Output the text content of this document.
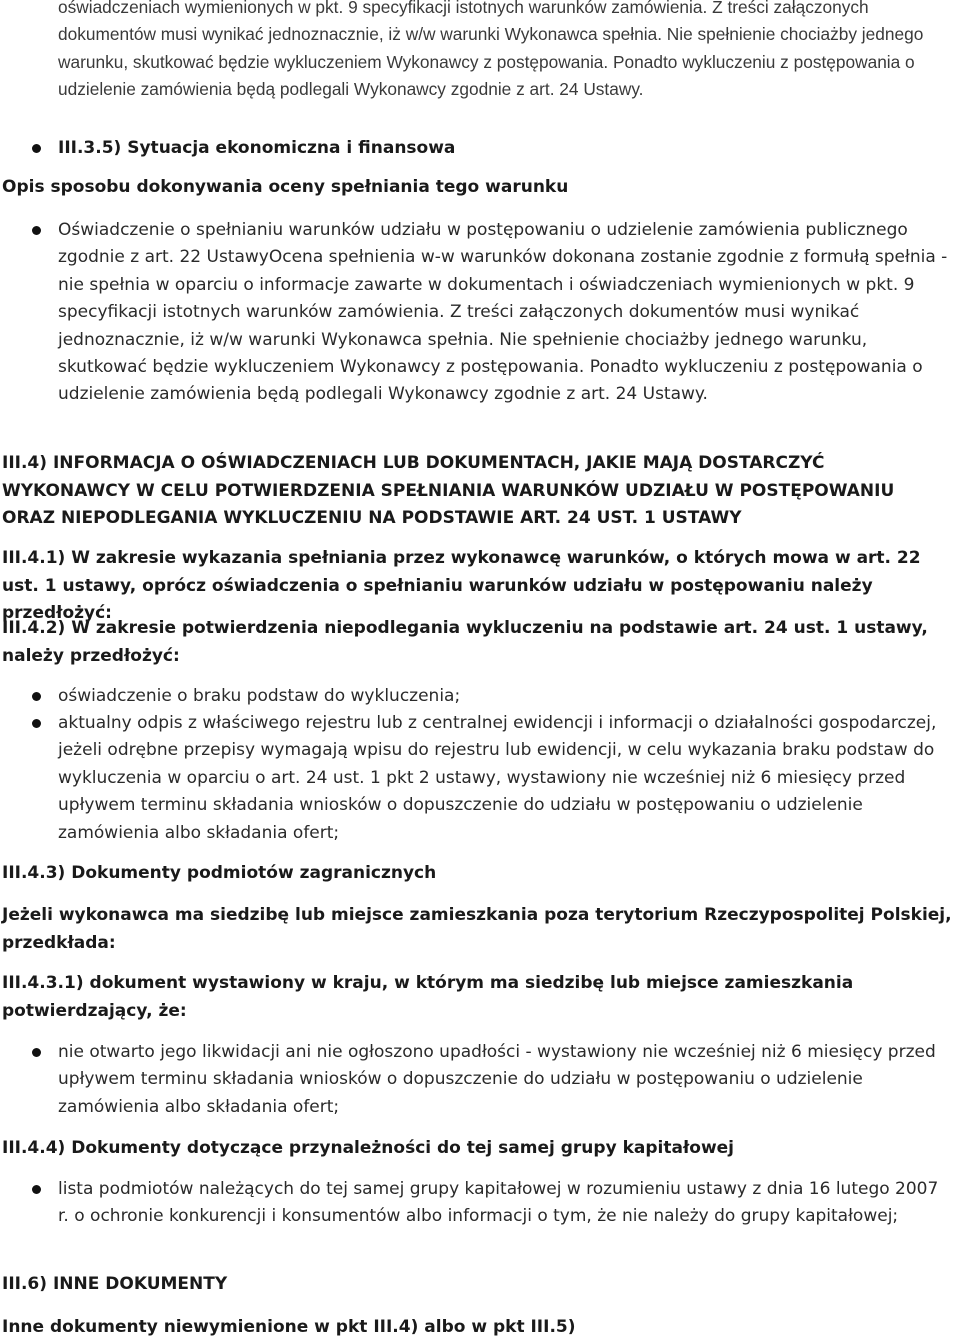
oświadczeniach wymienionych w pkt. 9 specyfikacji istotnych warunków zamówienia. Z treści załączonych dokumentów musi wynikać jednoznacznie, iż w/w warunki Wykonawca spełnia. Nie spełnienie chociażby jednego warunku, skutkować będzie wykluczeniem Wykonawcy z postępowania. Ponadto wykluczeniu z postępowania o udzielenie zamówienia będą podlegali Wykonawcy zgodnie z art. 24 Ustawy.

III.3.5) Sytuacja ekonomiczna i finansowa

Opis sposobu dokonywania oceny spełniania tego warunku

Oświadczenie o spełnianiu warunków udziału w postępowaniu o udzielenie zamówienia publicznego zgodnie z art. 22 UstawyOcena spełnienia w-w warunków dokonana zostanie zgodnie z formułą spełnia - nie spełnia w oparciu o informacje zawarte w dokumentach i oświadczeniach wymienionych w pkt. 9 specyfikacji istotnych warunków zamówienia. Z treści załączonych dokumentów musi wynikać jednoznacznie, iż w/w warunki Wykonawca spełnia. Nie spełnienie chociażby jednego warunku, skutkować będzie wykluczeniem Wykonawcy z postępowania. Ponadto wykluczeniu z postępowania o udzielenie zamówienia będą podlegali Wykonawcy zgodnie z art. 24 Ustawy.

III.4) INFORMACJA O OŚWIADCZENIACH LUB DOKUMENTACH, JAKIE MAJĄ DOSTARCZYĆ WYKONAWCY W CELU POTWIERDZENIA SPEŁNIANIA WARUNKÓW UDZIAŁU W POSTĘPOWANIU ORAZ NIEPODLEGANIA WYKLUCZENIU NA PODSTAWIE ART. 24 UST. 1 USTAWY

III.4.1) W zakresie wykazania spełniania przez wykonawcę warunków, o których mowa w art. 22 ust. 1 ustawy, oprócz oświadczenia o spełnianiu warunków udziału w postępowaniu należy przedłożyć:

III.4.2) W zakresie potwierdzenia niepodlegania wykluczeniu na podstawie art. 24 ust. 1 ustawy, należy przedłożyć:

oświadczenie o braku podstaw do wykluczenia;
aktualny odpis z właściwego rejestru lub z centralnej ewidencji i informacji o działalności gospodarczej, jeżeli odrębne przepisy wymagają wpisu do rejestru lub ewidencji, w celu wykazania braku podstaw do wykluczenia w oparciu o art. 24 ust. 1 pkt 2 ustawy, wystawiony nie wcześniej niż 6 miesięcy przed upływem terminu składania wniosków o dopuszczenie do udziału w postępowaniu o udzielenie zamówienia albo składania ofert;

III.4.3) Dokumenty podmiotów zagranicznych

Jeżeli wykonawca ma siedzibę lub miejsce zamieszkania poza terytorium Rzeczypospolitej Polskiej, przedkłada:

III.4.3.1) dokument wystawiony w kraju, w którym ma siedzibę lub miejsce zamieszkania potwierdzający, że:

nie otwarto jego likwidacji ani nie ogłoszono upadłości - wystawiony nie wcześniej niż 6 miesięcy przed upływem terminu składania wniosków o dopuszczenie do udziału w postępowaniu o udzielenie zamówienia albo składania ofert;

III.4.4) Dokumenty dotyczące przynależności do tej samej grupy kapitałowej

lista podmiotów należących do tej samej grupy kapitałowej w rozumieniu ustawy z dnia 16 lutego 2007 r. o ochronie konkurencji i konsumentów albo informacji o tym, że nie należy do grupy kapitałowej;

III.6) INNE DOKUMENTY

Inne dokumenty niewymienione w pkt III.4) albo w pkt III.5)
